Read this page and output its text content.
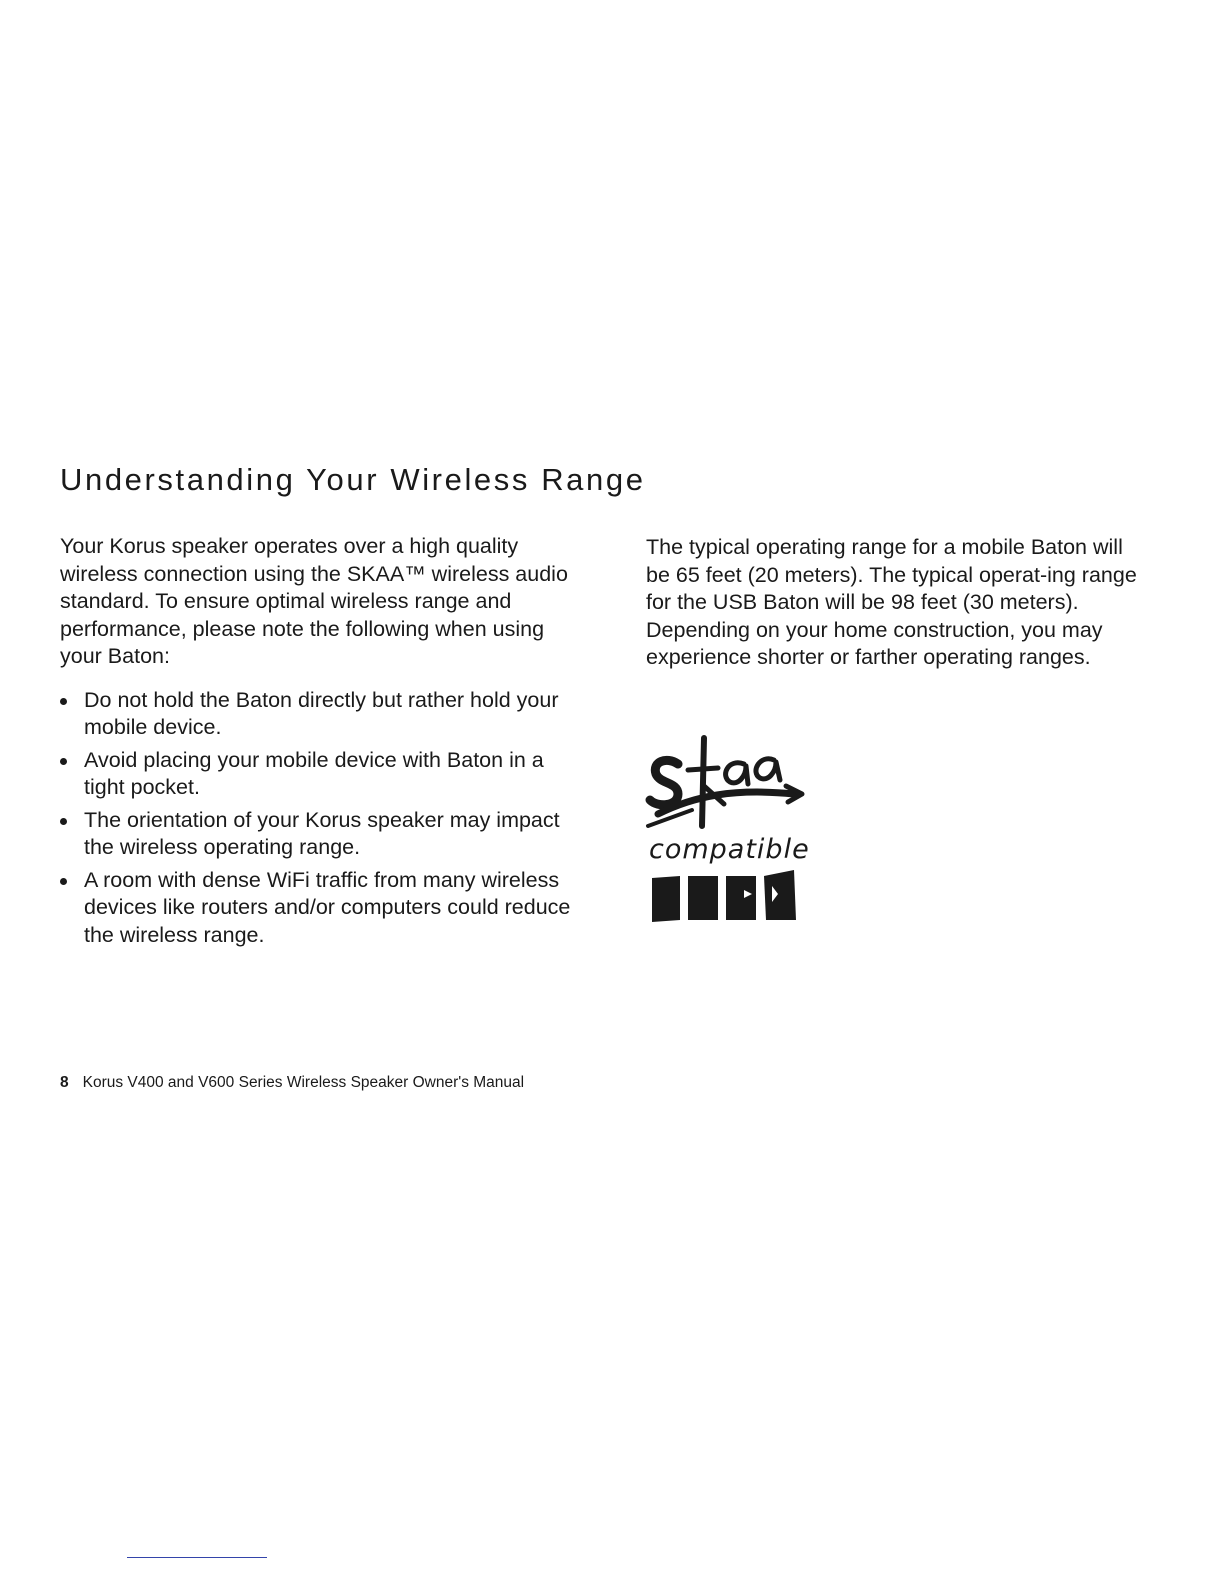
Understanding Your Wireless Range

Your Korus speaker operates over a high quality wireless connection using the SKAA™ wireless audio standard. To ensure optimal wireless range and performance, please note the following when using your Baton:

Do not hold the Baton directly but rather hold your mobile device.
Avoid placing your mobile device with Baton in a tight pocket.
The orientation of your Korus speaker may impact the wireless operating range.
A room with dense WiFi traffic from many wireless devices like routers and/or computers could reduce the wireless range.

The typical operating range for a mobile Baton will be 65 feet (20 meters). The typical operat-ing range for the USB Baton will be 98 feet (30 meters). Depending on your home construction, you may experience shorter or farther operating ranges.

compatible
8 Korus V400 and V600 Series Wireless Speaker Owner's Manual
